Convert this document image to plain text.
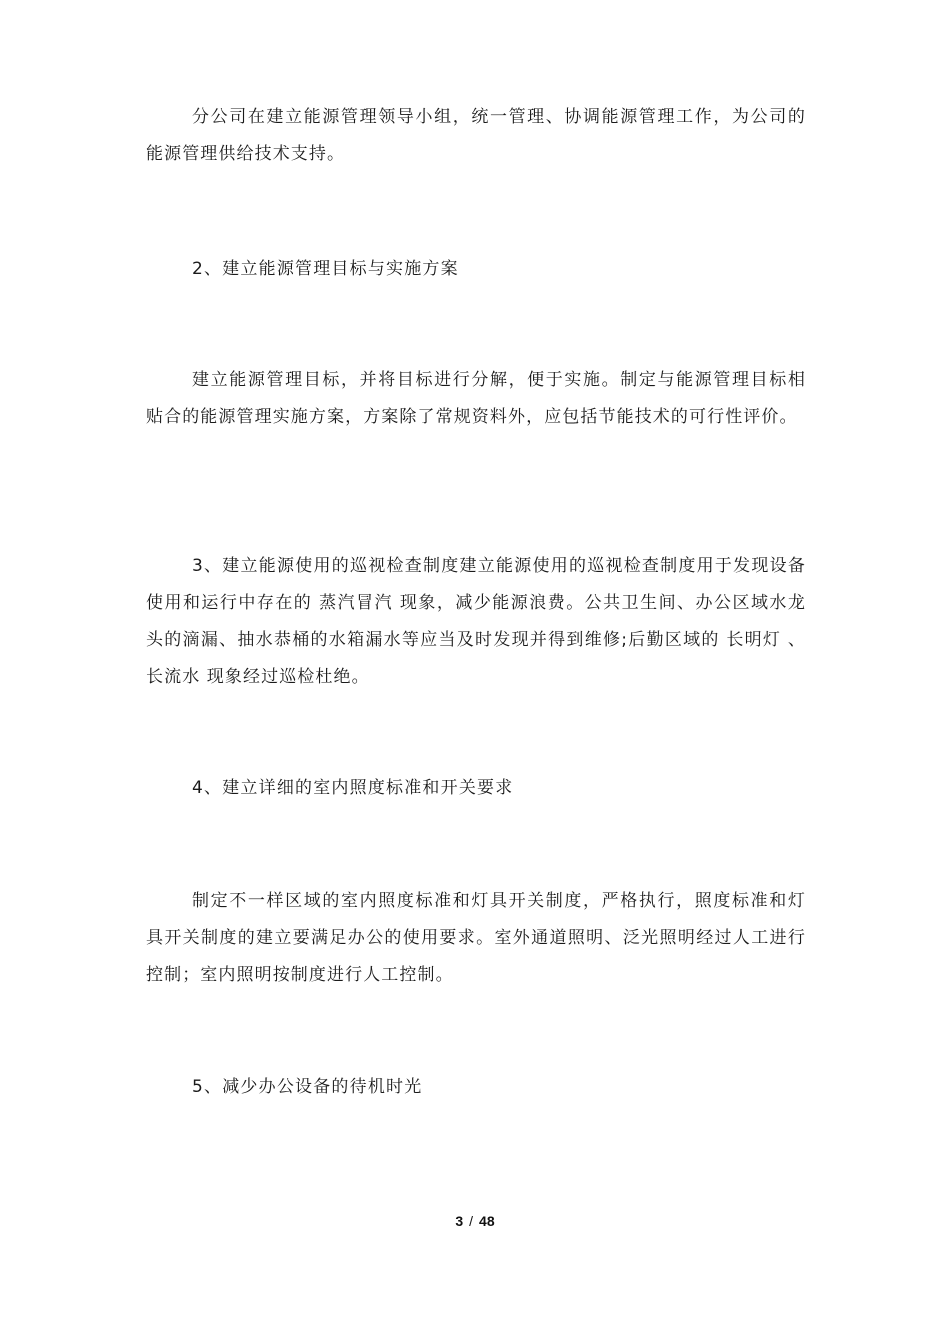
分公司在建立能源管理领导小组，统一管理、协调能源管理工作，为公司的能源管理供给技术支持。

2、建立能源管理目标与实施方案

建立能源管理目标，并将目标进行分解，便于实施。制定与能源管理目标相贴合的能源管理实施方案，方案除了常规资料外，应包括节能技术的可行性评价。

3、建立能源使用的巡视检查制度建立能源使用的巡视检查制度用于发现设备使用和运行中存在的 蒸汽冒汽 现象，减少能源浪费。公共卫生间、办公区域水龙头的滴漏、抽水恭桶的水箱漏水等应当及时发现并得到维修;后勤区域的 长明灯 、 长流水 现象经过巡检杜绝。

4、建立详细的室内照度标准和开关要求

制定不一样区域的室内照度标准和灯具开关制度，严格执行，照度标准和灯具开关制度的建立要满足办公的使用要求。室外通道照明、泛光照明经过人工进行控制；室内照明按制度进行人工控制。

5、减少办公设备的待机时光

3 / 48
